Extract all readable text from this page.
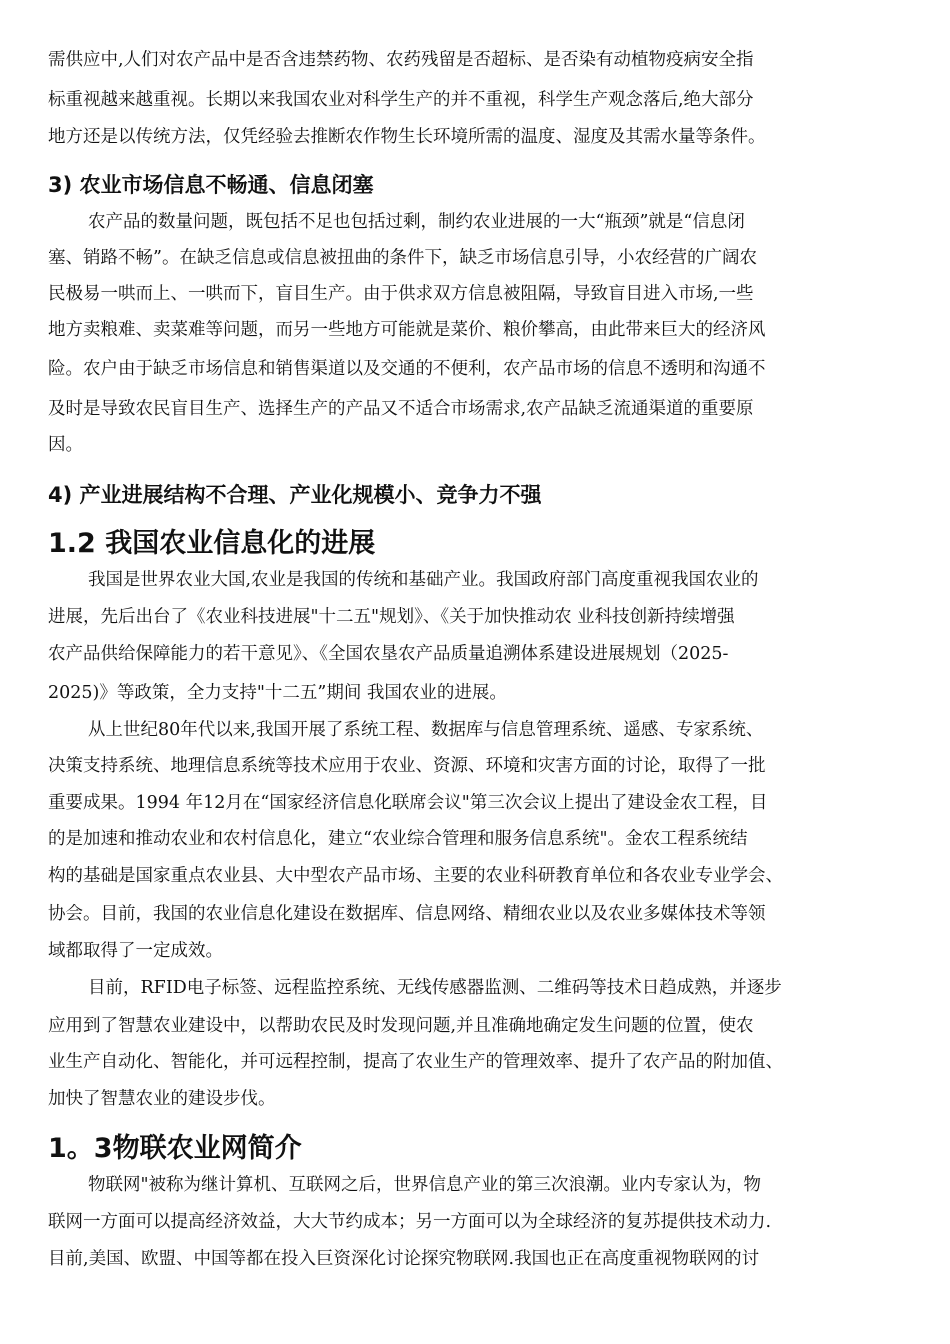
需供应中,人们对农产品中是否含违禁药物、农药残留是否超标、是否染有动植物疫病安全指
标重视越来越重视。长期以来我国农业对科学生产的并不重视，科学生产观念落后,绝大部分
地方还是以传统方法，仅凭经验去推断农作物生长环境所需的温度、湿度及其需水量等条件。
3) 农业市场信息不畅通、信息闭塞
农产品的数量问题，既包括不足也包括过剩，制约农业进展的一大“瓶颈”就是“信息闭
塞、销路不畅”。在缺乏信息或信息被扭曲的条件下，缺乏市场信息引导，小农经营的广阔农
民极易一哄而上、一哄而下，盲目生产。由于供求双方信息被阻隔，导致盲目进入市场,一些
地方卖粮难、卖菜难等问题，而另一些地方可能就是菜价、粮价攀高，由此带来巨大的经济风
险。农户由于缺乏市场信息和销售渠道以及交通的不便利，农产品市场的信息不透明和沟通不
及时是导致农民盲目生产、选择生产的产品又不适合市场需求,农产品缺乏流通渠道的重要原
因。
4) 产业进展结构不合理、产业化规模小、竞争力不强
1.2 我国农业信息化的进展
我国是世界农业大国,农业是我国的传统和基础产业。我国政府部门高度重视我国农业的
进展，先后出台了《农业科技进展"十二五"规划》、《关于加快推动农 业科技创新持续增强
农产品供给保障能力的若干意见》、《全国农垦农产品质量追溯体系建设进展规划（2025-
2025)》等政策，全力支持"十二五”期间 我国农业的进展。
从上世纪80年代以来,我国开展了系统工程、数据库与信息管理系统、遥感、专家系统、
决策支持系统、地理信息系统等技术应用于农业、资源、环境和灾害方面的讨论，取得了一批
重要成果。1994 年12月在“国家经济信息化联席会议"第三次会议上提出了建设金农工程，目
的是加速和推动农业和农村信息化，建立“农业综合管理和服务信息系统"。金农工程系统结
构的基础是国家重点农业县、大中型农产品市场、主要的农业科研教育单位和各农业专业学会、
协会。目前，我国的农业信息化建设在数据库、信息网络、精细农业以及农业多媒体技术等领
域都取得了一定成效。
目前，RFID电子标签、远程监控系统、无线传感器监测、二维码等技术日趋成熟，并逐步
应用到了智慧农业建设中，以帮助农民及时发现问题,并且准确地确定发生问题的位置，使农
业生产自动化、智能化，并可远程控制，提高了农业生产的管理效率、提升了农产品的附加值、
加快了智慧农业的建设步伐。
1。3物联农业网简介
物联网"被称为继计算机、互联网之后，世界信息产业的第三次浪潮。业内专家认为，物
联网一方面可以提高经济效益，大大节约成本；另一方面可以为全球经济的复苏提供技术动力.
目前,美国、欧盟、中国等都在投入巨资深化讨论探究物联网.我国也正在高度重视物联网的讨
